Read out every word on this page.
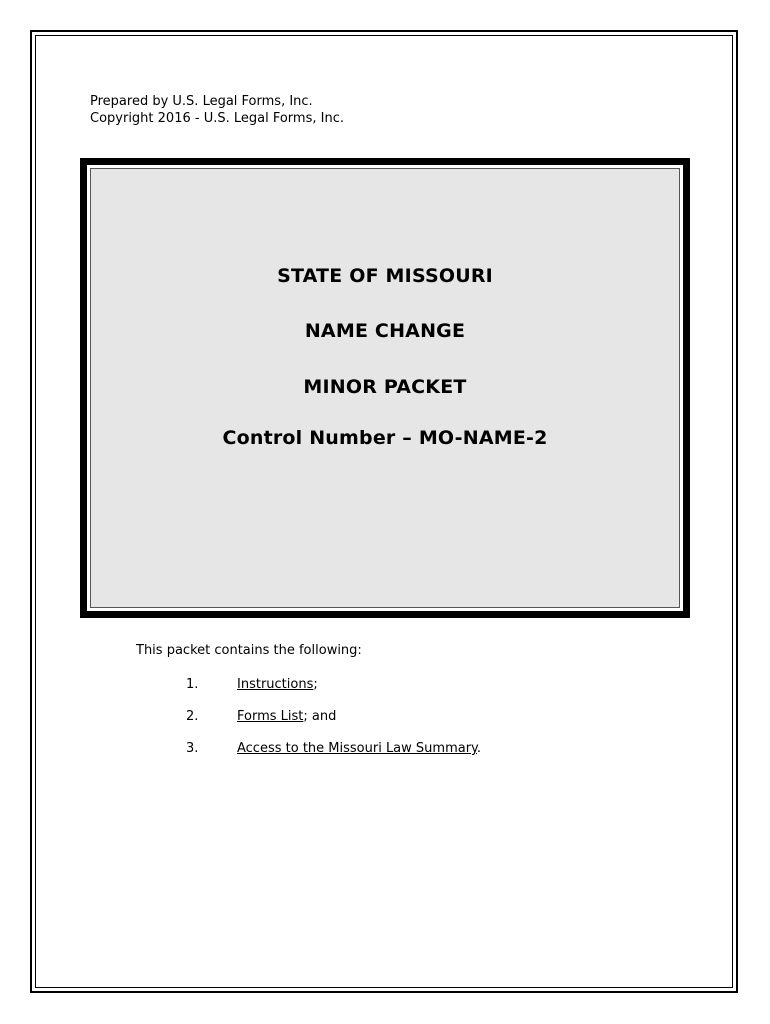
Prepared by U.S. Legal Forms, Inc.
Copyright 2016 - U.S. Legal Forms, Inc.
STATE OF MISSOURI
NAME CHANGE
MINOR PACKET
Control Number – MO-NAME-2
This packet contains the following:
1.	Instructions;
2.	Forms List; and
3.	Access to the Missouri Law Summary.
